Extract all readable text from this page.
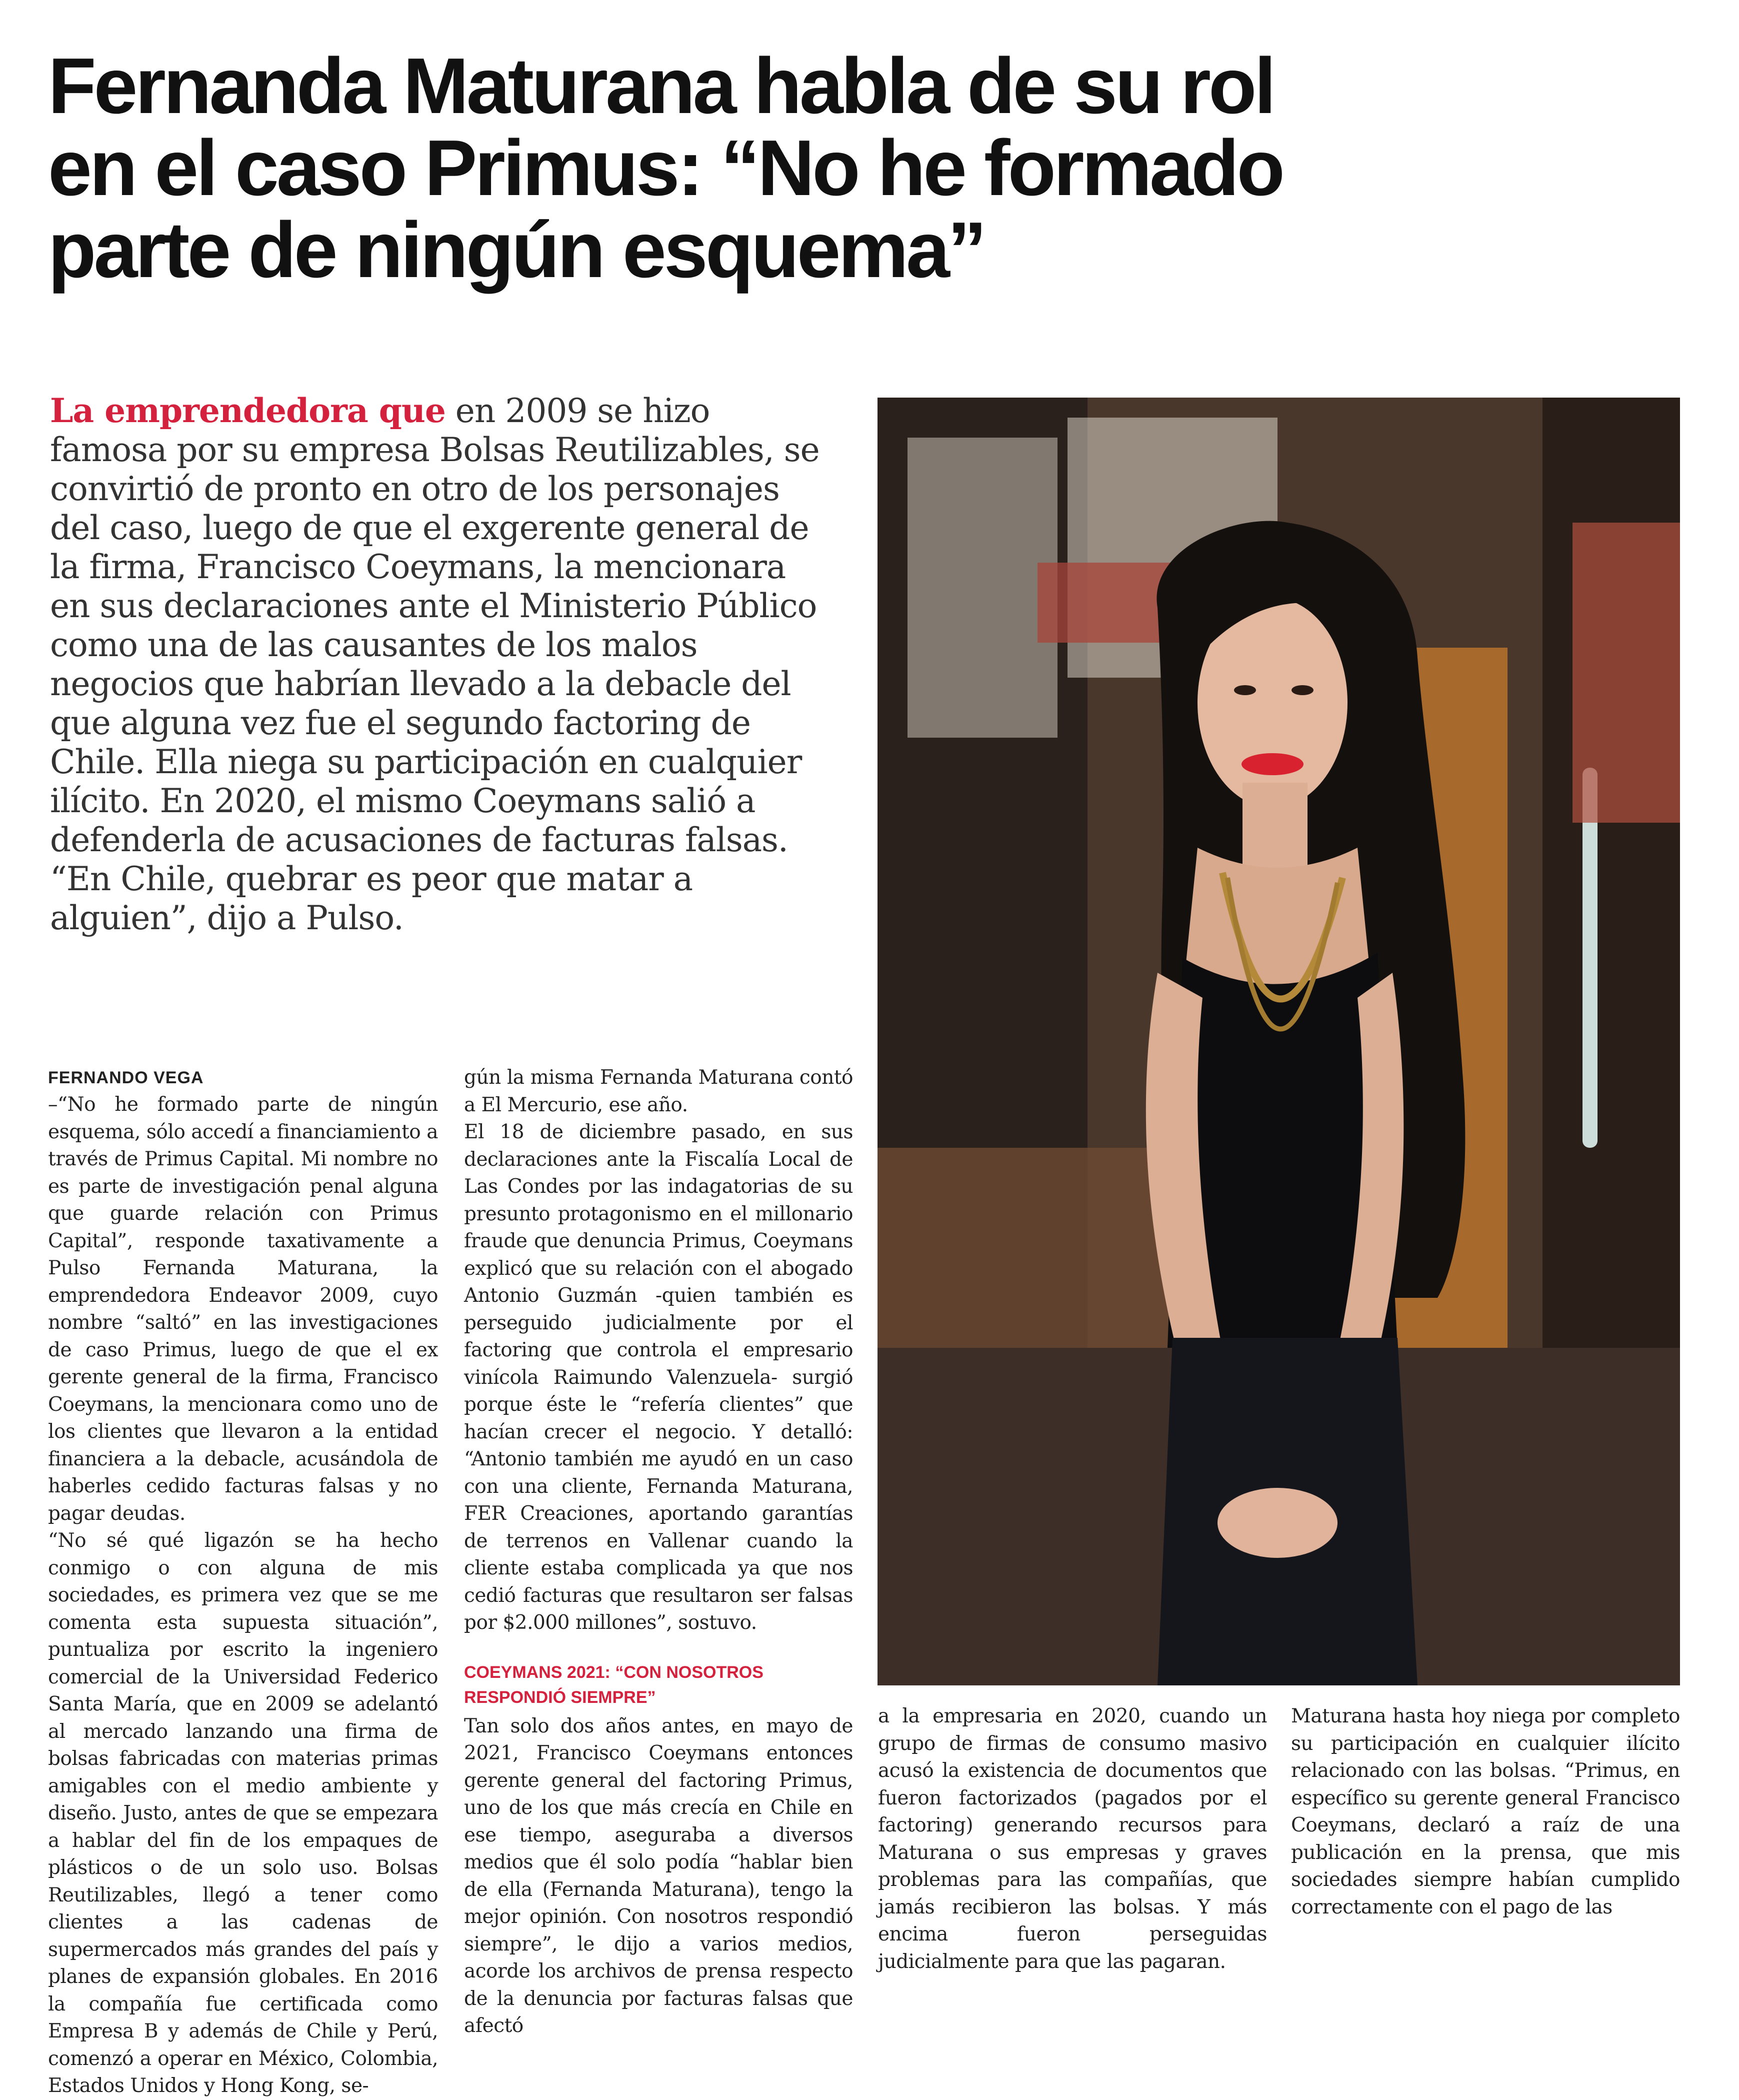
Fernanda Maturana habla de su rol en el caso Primus: “No he formado parte de ningún esquema”

La emprendedora que en 2009 se hizo famosa por su empresa Bolsas Reutilizables, se convirtió de pronto en otro de los personajes del caso, luego de que el exgerente general de la firma, Francisco Coeymans, la mencionara en sus declaraciones ante el Ministerio Público como una de las causantes de los malos negocios que habrían llevado a la debacle del que alguna vez fue el segundo factoring de Chile. Ella niega su participación en cualquier ilícito. En 2020, el mismo Coeymans salió a defenderla de acusaciones de facturas falsas. “En Chile, quebrar es peor que matar a alguien”, dijo a Pulso.

FERNANDO VEGA

–“No he formado parte de ningún esquema, sólo accedí a financiamiento a través de Primus Capital. Mi nombre no es parte de investigación penal alguna que guarde relación con Primus Capital”, responde taxativamente a Pulso Fernanda Maturana, la emprendedora Endeavor 2009, cuyo nombre “saltó” en las investigaciones de caso Primus, luego de que el ex gerente general de la firma, Francisco Coeymans, la mencionara como uno de los clientes que llevaron a la entidad financiera a la debacle, acusándola de haberles cedido facturas falsas y no pagar deudas.

“No sé qué ligazón se ha hecho conmigo o con alguna de mis sociedades, es primera vez que se me comenta esta supuesta situación”, puntualiza por escrito la ingeniero comercial de la Universidad Federico Santa María, que en 2009 se adelantó al mercado lanzando una firma de bolsas fabricadas con materias primas amigables con el medio ambiente y diseño. Justo, antes de que se empezara a hablar del fin de los empaques de plásticos o de un solo uso. Bolsas Reutilizables, llegó a tener como clientes a las cadenas de supermercados más grandes del país y planes de expansión globales. En 2016 la compañía fue certificada como Empresa B y además de Chile y Perú, comenzó a operar en México, Colombia, Estados Unidos y Hong Kong, se-

gún la misma Fernanda Maturana contó a El Mercurio, ese año.

El 18 de diciembre pasado, en sus declaraciones ante la Fiscalía Local de Las Condes por las indagatorias de su presunto protagonismo en el millonario fraude que denuncia Primus, Coeymans explicó que su relación con el abogado Antonio Guzmán -quien también es perseguido judicialmente por el factoring que controla el empresario vinícola Raimundo Valenzuela- surgió porque éste le “refería clientes” que hacían crecer el negocio. Y detalló: “Antonio también me ayudó en un caso con una cliente, Fernanda Maturana, FER Creaciones, aportando garantías de terrenos en Vallenar cuando la cliente estaba complicada ya que nos cedió facturas que resultaron ser falsas por $2.000 millones”, sostuvo.

COEYMANS 2021: “CON NOSOTROS RESPONDIÓ SIEMPRE”

Tan solo dos años antes, en mayo de 2021, Francisco Coeymans entonces gerente general del factoring Primus, uno de los que más crecía en Chile en ese tiempo, aseguraba a diversos medios que él solo podía “hablar bien de ella (Fernanda Maturana), tengo la mejor opinión. Con nosotros respondió siempre”, le dijo a varios medios, acorde los archivos de prensa respecto de la denuncia por facturas falsas que afectó

a la empresaria en 2020, cuando un grupo de firmas de consumo masivo acusó la existencia de documentos que fueron factorizados (pagados por el factoring) generando recursos para Maturana o sus empresas y graves problemas para las compañías, que jamás recibieron las bolsas. Y más encima fueron perseguidas judicialmente para que las pagaran.

Maturana hasta hoy niega por completo su participación en cualquier ilícito relacionado con las bolsas. “Primus, en específico su gerente general Francisco Coeymans, declaró a raíz de una publicación en la prensa, que mis sociedades siempre habían cumplido correctamente con el pago de las
